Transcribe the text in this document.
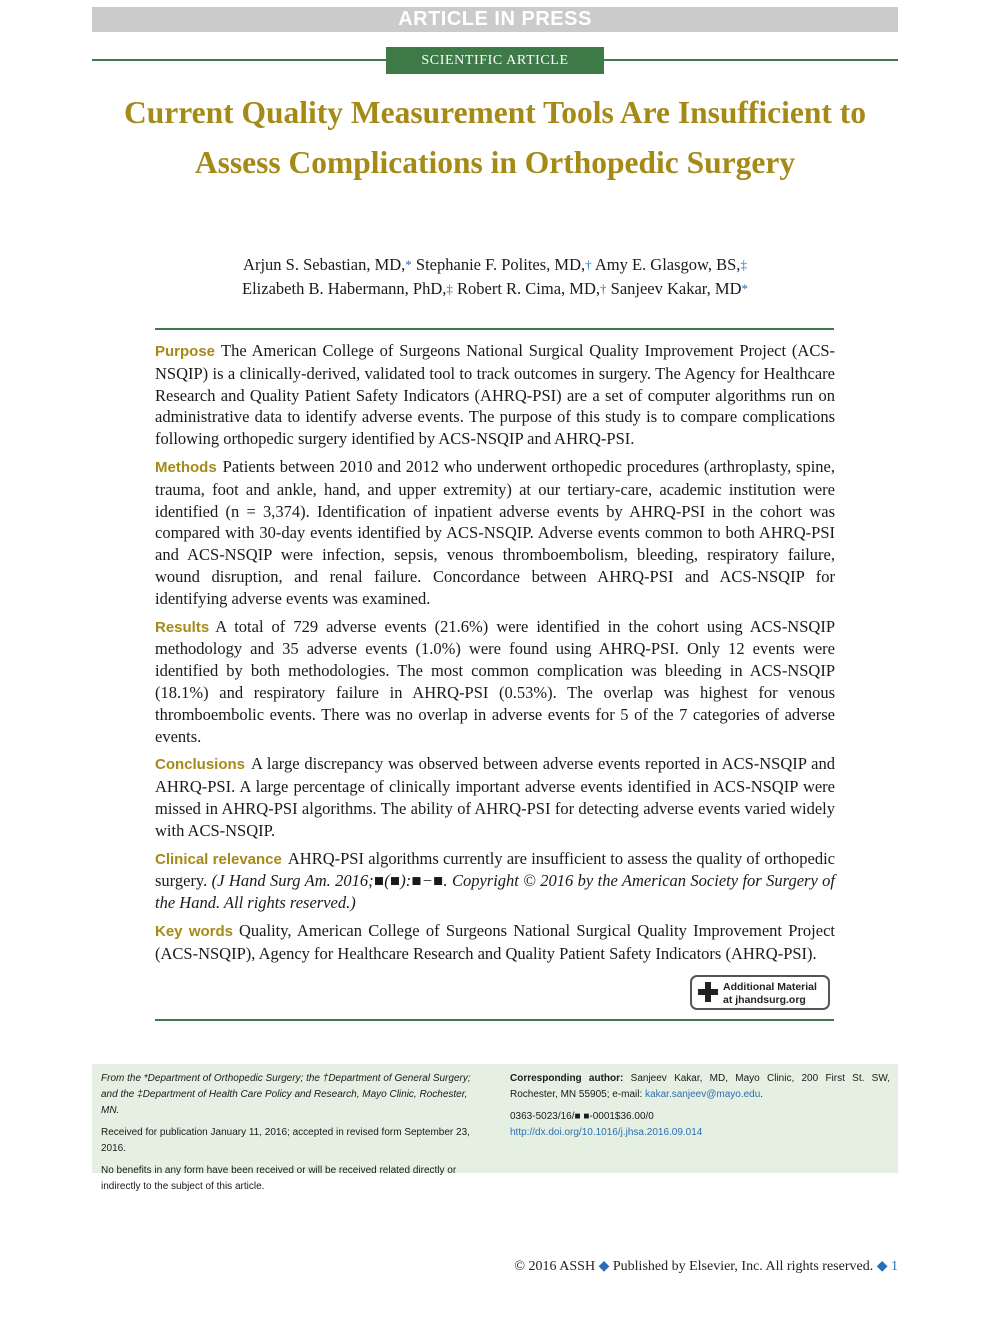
ARTICLE IN PRESS
SCIENTIFIC ARTICLE
Current Quality Measurement Tools Are Insufficient to Assess Complications in Orthopedic Surgery
Arjun S. Sebastian, MD,* Stephanie F. Polites, MD,† Amy E. Glasgow, BS,‡
Elizabeth B. Habermann, PhD,‡ Robert R. Cima, MD,† Sanjeev Kakar, MD*

Purpose The American College of Surgeons National Surgical Quality Improvement Project (ACS-NSQIP) is a clinically-derived, validated tool to track outcomes in surgery. The Agency for Healthcare Research and Quality Patient Safety Indicators (AHRQ-PSI) are a set of computer algorithms run on administrative data to identify adverse events. The purpose of this study is to compare complications following orthopedic surgery identified by ACS-NSQIP and AHRQ-PSI.

Methods Patients between 2010 and 2012 who underwent orthopedic procedures (arthroplasty, spine, trauma, foot and ankle, hand, and upper extremity) at our tertiary-care, academic institution were identified (n = 3,374). Identification of inpatient adverse events by AHRQ-PSI in the cohort was compared with 30-day events identified by ACS-NSQIP. Adverse events common to both AHRQ-PSI and ACS-NSQIP were infection, sepsis, venous thromboembolism, bleeding, respiratory failure, wound disruption, and renal failure. Concordance between AHRQ-PSI and ACS-NSQIP for identifying adverse events was examined.

Results A total of 729 adverse events (21.6%) were identified in the cohort using ACS-NSQIP methodology and 35 adverse events (1.0%) were found using AHRQ-PSI. Only 12 events were identified by both methodologies. The most common complication was bleeding in ACS-NSQIP (18.1%) and respiratory failure in AHRQ-PSI (0.53%). The overlap was highest for venous thromboembolic events. There was no overlap in adverse events for 5 of the 7 categories of adverse events.

Conclusions A large discrepancy was observed between adverse events reported in ACS-NSQIP and AHRQ-PSI. A large percentage of clinically important adverse events identified in ACS-NSQIP were missed in AHRQ-PSI algorithms. The ability of AHRQ-PSI for detecting adverse events varied widely with ACS-NSQIP.

Clinical relevance AHRQ-PSI algorithms currently are insufficient to assess the quality of orthopedic surgery. (J Hand Surg Am. 2016;■(■):■−■. Copyright © 2016 by the American Society for Surgery of the Hand. All rights reserved.)

Key words Quality, American College of Surgeons National Surgical Quality Improvement Project (ACS-NSQIP), Agency for Healthcare Research and Quality Patient Safety Indicators (AHRQ-PSI).

Additional Material
at jhandsurg.org

From the *Department of Orthopedic Surgery; the †Department of General Surgery; and the ‡Department of Health Care Policy and Research, Mayo Clinic, Rochester, MN.

Received for publication January 11, 2016; accepted in revised form September 23, 2016.

No benefits in any form have been received or will be received related directly or indirectly to the subject of this article.

Corresponding author: Sanjeev Kakar, MD, Mayo Clinic, 200 First St. SW, Rochester, MN 55905; e-mail: kakar.sanjeev@mayo.edu.

0363-5023/16/■ ■-0001$36.00/0

http://dx.doi.org/10.1016/j.jhsa.2016.09.014

© 2016 ASSH ◆ Published by Elsevier, Inc. All rights reserved. ◆ 1
